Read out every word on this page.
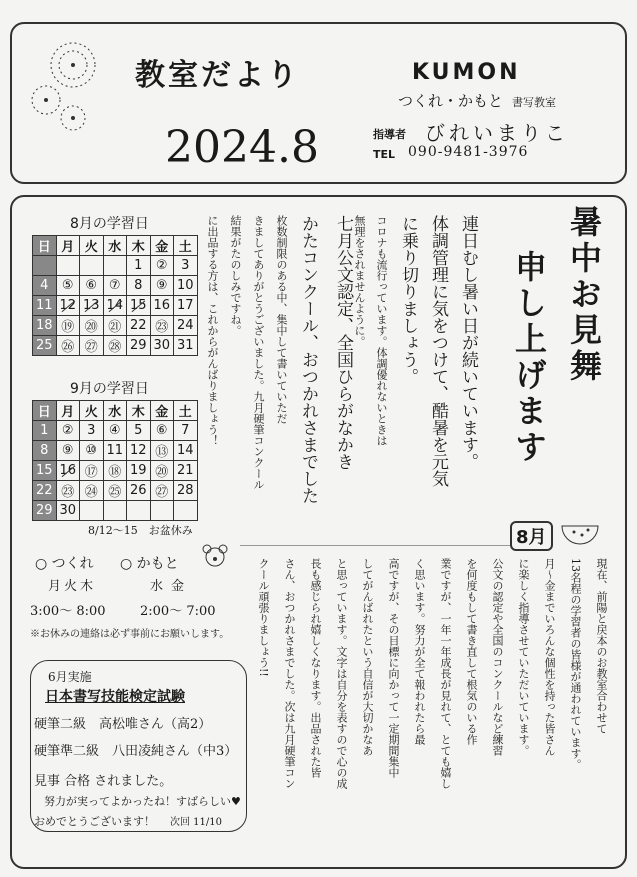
教室だより
2024.8
KUMON
つくれ・かもと 書写教室
指導者 びれいまりこ
TEL 090-9481-3976
8月の学習日
日	月	火	水	木	金	土
				1	②	3
4	⑤	⑥	⑦	8	⑨	10
11	12	13	14	15	16	17
18	⑲	⑳	㉑	22	㉓	24
25	㉖	㉗	㉘	29	30	31
9月の学習日
日	月	火	水	木	金	土
1	②	3	④	5	⑥	7
8	⑨	⑩	11	12	⑬	14
15	16	⑰	⑱	19	⑳	21
22	㉓	㉔	㉕	26	㉗	28
29	30					
8/12～15　お盆休み
○ つくれ ○ かもと
月火木	水金
3:00～ 8:00	2:00～ 7:00
※お休みの連絡は必ず事前にお願いします。
6月実施
日本書写技能検定試験
硬筆二級　高松唯さん（高2）
硬筆準二級　八田凌純さん（中3）
見事 合格 されました。
努力が実ってよかったね！すばらしい♥
おめでとうございます！ 次回 11/10
暑中お見舞
申し上げます
連日むし暑い日が続いています。
体調管理に気をつけて、酷暑を元気
に乗り切りましょう。
コロナも流行っています。体調優れないときは
無理をされませんように。
七月公文認定、全国ひらがなかき
かたコンクール、おつかれさまでした
枚数制限のある中、集中して書いていただ
きましてありがとうございました。九月硬筆コンクール
結果がたのしみですね。
に出品する方は、これからがんばりましょう！
8月
現在、前陽と戻本のお教室合わせて
13名程の学習者の皆様が通われています。
月～金までいろんな個性を持った皆さん
に楽しく指導させていただいています。
公文の認定や全国のコンクールなど練習
を何度もして書き直して根気のいる作
業ですが、一年一年成長が見れて、とても嬉し
く思います。努力が全て報われたら最
高ですが、その目標に向かって一定期間集中
してがんばれたという自信が大切かなあ
と思っています。文字は自分を表すので心の成
長も感じられ嬉しくなります。出品された皆
さん、おつかれさまでした。次は九月硬筆コン
クール頑張りましょう!!
